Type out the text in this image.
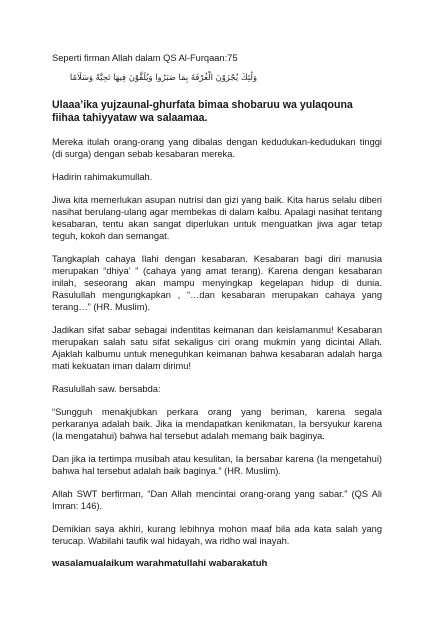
Seperti firman Allah dalam QS Al-Furqaan:75

وَلَٰئِكَ يُجْزَوْنَ الْغُرْفَةَ بِمَا صَبَرُوا وَيُلَقَّوْنَ فِيهَا تَحِيَّةً وَسَلَامًا

Ulaaa’ika yujzaunal-ghurfata bimaa shobaruu wa yulaqouna fiihaa tahiyyataw wa salaamaa.

Mereka itulah orang-orang yang dibalas dengan kedudukan-kedudukan tinggi (di surga) dengan sebab kesabaran mereka.

Hadirin rahimakumullah.

Jiwa kita memerlukan asupan nutrisi dan gizi yang baik. Kita harus selalu diberi nasihat berulang-ulang agar membekas di dalam kalbu. Apalagi nasihat tentang kesabaran, tentu akan sangat diperlukan untuk menguatkan jiwa agar tetap teguh, kokoh dan semangat.

Tangkaplah cahaya Ilahi dengan kesabaran. Kesabaran bagi diri manusia merupakan “dhiya’ ” (cahaya yang amat terang). Karena dengan kesabaran inilah, seseorang akan mampu menyingkap kegelapan hidup di dunia. Rasulullah mengungkapkan , “…dan kesabaran merupakan cahaya yang terang…” (HR. Muslim).

Jadikan sifat sabar sebagai indentitas keimanan dan keislamanmu! Kesabaran merupakan salah satu sifat sekaligus ciri orang mukmin yang dicintai Allah. Ajaklah kalbumu untuk meneguhkan keimanan bahwa kesabaran adalah harga mati kekuatan iman dalam dirimu!

Rasulullah saw. bersabda:

“Sungguh menakjubkan perkara orang yang beriman, karena segala perkaranya adalah baik. Jika ia mendapatkan kenikmatan, Ia bersyukur karena (Ia mengatahui) bahwa hal tersebut adalah memang baik baginya.

Dan jika ia tertimpa musibah atau kesulitan, Ia bersabar karena (Ia mengetahui) bahwa hal tersebut adalah baik baginya.” (HR. Muslim).

Allah SWT berfirman, “Dan Allah mencintai orang-orang yang sabar.” (QS Ali Imran: 146).

Demikian saya akhiri, kurang lebihnya mohon maaf bila ada kata salah yang terucap. Wabilahi taufik wal hidayah, wa ridho wal inayah.

wasalamualaikum warahmatullahi wabarakatuh
